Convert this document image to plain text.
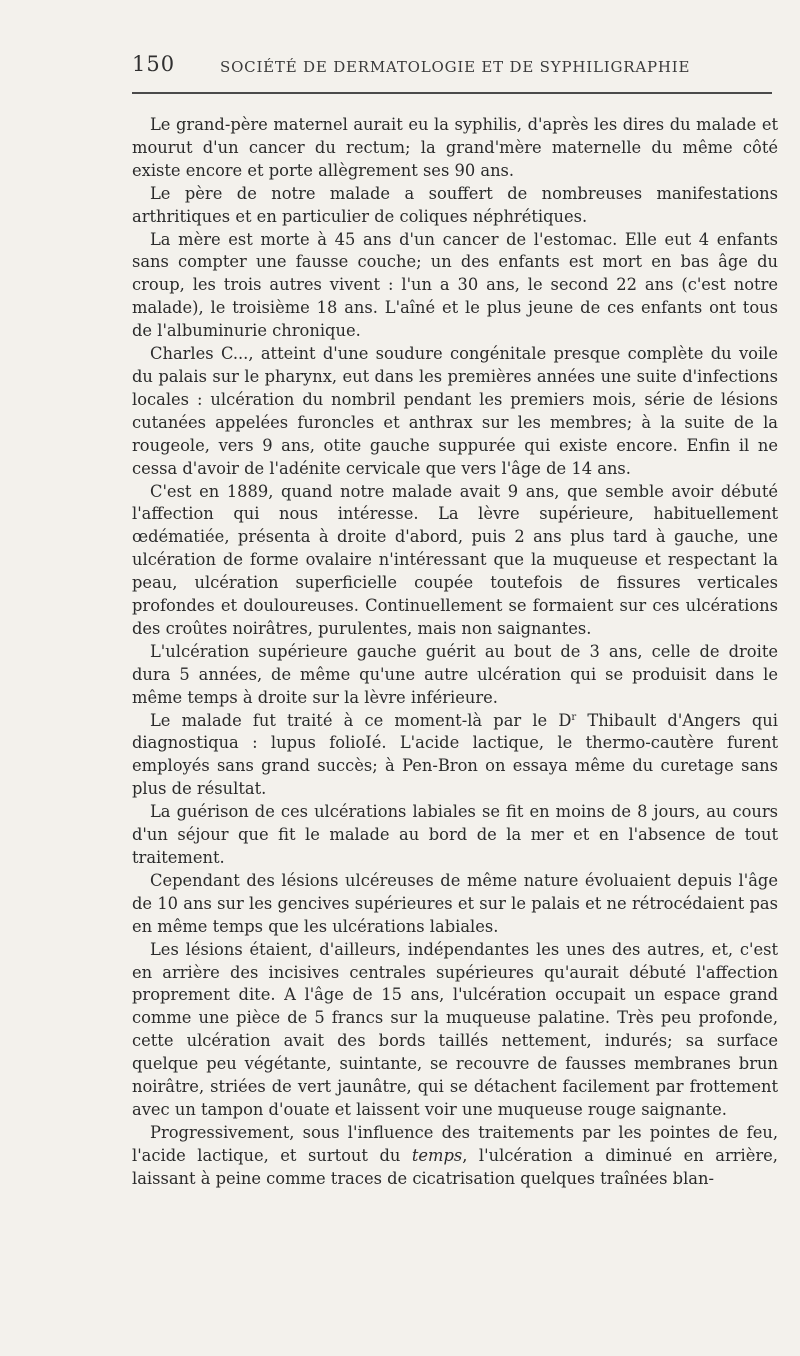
150	SOCIÉTÉ DE DERMATOLOGIE ET DE SYPHILIGRAPHIE

Le grand-père maternel aurait eu la syphilis, d'après les dires du malade et mourut d'un cancer du rectum; la grand'mère maternelle du même côté existe encore et porte allègrement ses 90 ans.

Le père de notre malade a souffert de nombreuses manifestations arthritiques et en particulier de coliques néphrétiques.

La mère est morte à 45 ans d'un cancer de l'estomac. Elle eut 4 enfants sans compter une fausse couche; un des enfants est mort en bas âge du croup, les trois autres vivent : l'un a 30 ans, le second 22 ans (c'est notre malade), le troisième 18 ans. L'aîné et le plus jeune de ces enfants ont tous de l'albuminurie chronique.

Charles C..., atteint d'une soudure congénitale presque complète du voile du palais sur le pharynx, eut dans les premières années une suite d'infections locales : ulcération du nombril pendant les premiers mois, série de lésions cutanées appelées furoncles et anthrax sur les membres; à la suite de la rougeole, vers 9 ans, otite gauche suppurée qui existe encore. Enfin il ne cessa d'avoir de l'adénite cervicale que vers l'âge de 14 ans.

C'est en 1889, quand notre malade avait 9 ans, que semble avoir débuté l'affection qui nous intéresse. La lèvre supérieure, habituellement œdématiée, présenta à droite d'abord, puis 2 ans plus tard à gauche, une ulcération de forme ovalaire n'intéressant que la muqueuse et respectant la peau, ulcération superficielle coupée toutefois de fissures verticales profondes et douloureuses. Continuellement se formaient sur ces ulcérations des croûtes noirâtres, purulentes, mais non saignantes.

L'ulcération supérieure gauche guérit au bout de 3 ans, celle de droite dura 5 années, de même qu'une autre ulcération qui se produisit dans le même temps à droite sur la lèvre inférieure.

Le malade fut traité à ce moment-là par le $D^r$ Thibault d'Angers qui diagnostiqua : lupus folioIé. L'acide lactique, le thermo-cautère furent employés sans grand succès; à Pen-Bron on essaya même du curetage sans plus de résultat.

La guérison de ces ulcérations labiales se fit en moins de 8 jours, au cours d'un séjour que fit le malade au bord de la mer et en l'absence de tout traitement.

Cependant des lésions ulcéreuses de même nature évoluaient depuis l'âge de 10 ans sur les gencives supérieures et sur le palais et ne rétrocédaient pas en même temps que les ulcérations labiales.

Les lésions étaient, d'ailleurs, indépendantes les unes des autres, et, c'est en arrière des incisives centrales supérieures qu'aurait débuté l'affection proprement dite. A l'âge de 15 ans, l'ulcération occupait un espace grand comme une pièce de 5 francs sur la muqueuse palatine. Très peu profonde, cette ulcération avait des bords taillés nettement, indurés; sa surface quelque peu végétante, suintante, se recouvre de fausses membranes brun noirâtre, striées de vert jaunâtre, qui se détachent facilement par frottement avec un tampon d'ouate et laissent voir une muqueuse rouge saignante.

Progressivement, sous l'influence des traitements par les pointes de feu, l'acide lactique, et surtout du temps, l'ulcération a diminué en arrière, laissant à peine comme traces de cicatrisation quelques traînées blan-
